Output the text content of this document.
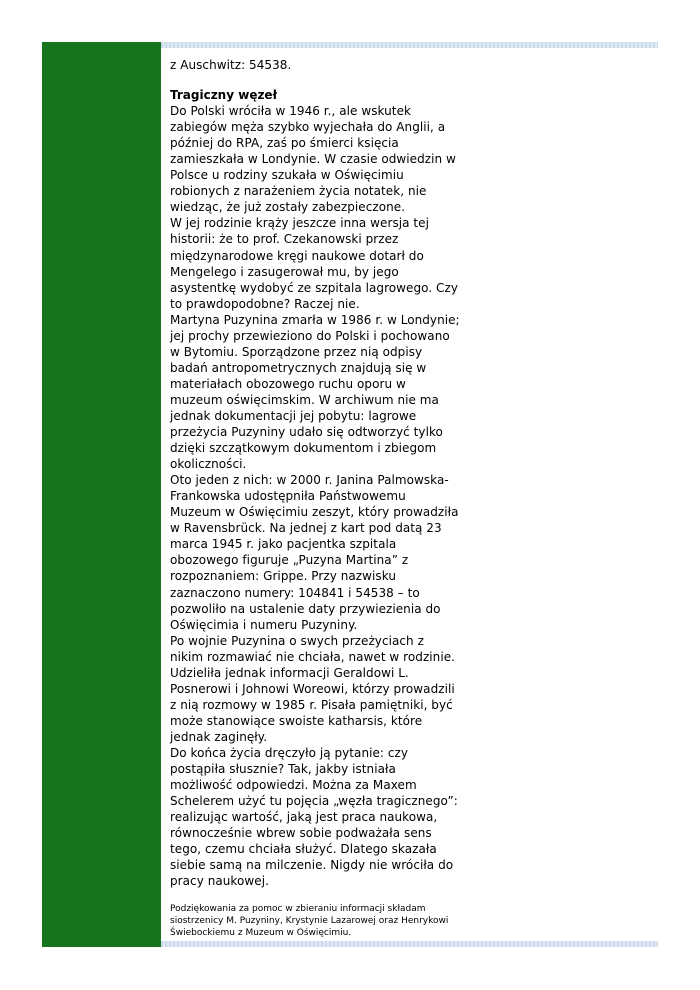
z Auschwitz: 54538.

Tragiczny węzeł

Do Polski wróciła w 1946 r., ale wskutek zabiegów męża szybko wyjechała do Anglii, a później do RPA, zaś po śmierci księcia zamieszkała w Londynie. W czasie odwiedzin w Polsce u rodziny szukała w Oświęcimiu robionych z narażeniem życia notatek, nie wiedząc, że już zostały zabezpieczone.

W jej rodzinie krąży jeszcze inna wersja tej historii: że to prof. Czekanowski przez międzynarodowe kręgi naukowe dotarł do Mengelego i zasugerował mu, by jego asystentkę wydobyć ze szpitala lagrowego. Czy to prawdopodobne? Raczej nie.

Martyna Puzynina zmarła w 1986 r. w Londynie; jej prochy przewieziono do Polski i pochowano w Bytomiu. Sporządzone przez nią odpisy badań antropometrycznych znajdują się w materiałach obozowego ruchu oporu w muzeum oświęcimskim. W archiwum nie ma jednak dokumentacji jej pobytu: lagrowe przeżycia Puzyniny udało się odtworzyć tylko dzięki szczątkowym dokumentom i zbiegom okoliczności.

Oto jeden z nich: w 2000 r. Janina Palmowska-Frankowska udostępniła Państwowemu Muzeum w Oświęcimiu zeszyt, który prowadziła w Ravensbrück. Na jednej z kart pod datą 23 marca 1945 r. jako pacjentka szpitala obozowego figuruje „Puzyna Martina” z rozpoznaniem: Grippe. Przy nazwisku zaznaczono numery: 104841 i 54538 – to pozwoliło na ustalenie daty przywiezienia do Oświęcimia i numeru Puzyniny.

Po wojnie Puzynina o swych przeżyciach z nikim rozmawiać nie chciała, nawet w rodzinie. Udzieliła jednak informacji Geraldowi L. Posnerowi i Johnowi Woreowi, którzy prowadzili z nią rozmowy w 1985 r. Pisała pamiętniki, być może stanowiące swoiste katharsis, które jednak zaginęły.

Do końca życia dręczyło ją pytanie: czy postąpiła słusznie? Tak, jakby istniała możliwość odpowiedzi. Można za Maxem Schelerem użyć tu pojęcia „węzła tragicznego”: realizując wartość, jaką jest praca naukowa, równocześnie wbrew sobie podważała sens tego, czemu chciała służyć. Dlatego skazała siebie samą na milczenie. Nigdy nie wróciła do pracy naukowej.

Podziękowania za pomoc w zbieraniu informacji składam siostrzenicy M. Puzyniny, Krystynie Lazarowej oraz Henrykowi Świebockiemu z Muzeum w Oświęcimiu.
